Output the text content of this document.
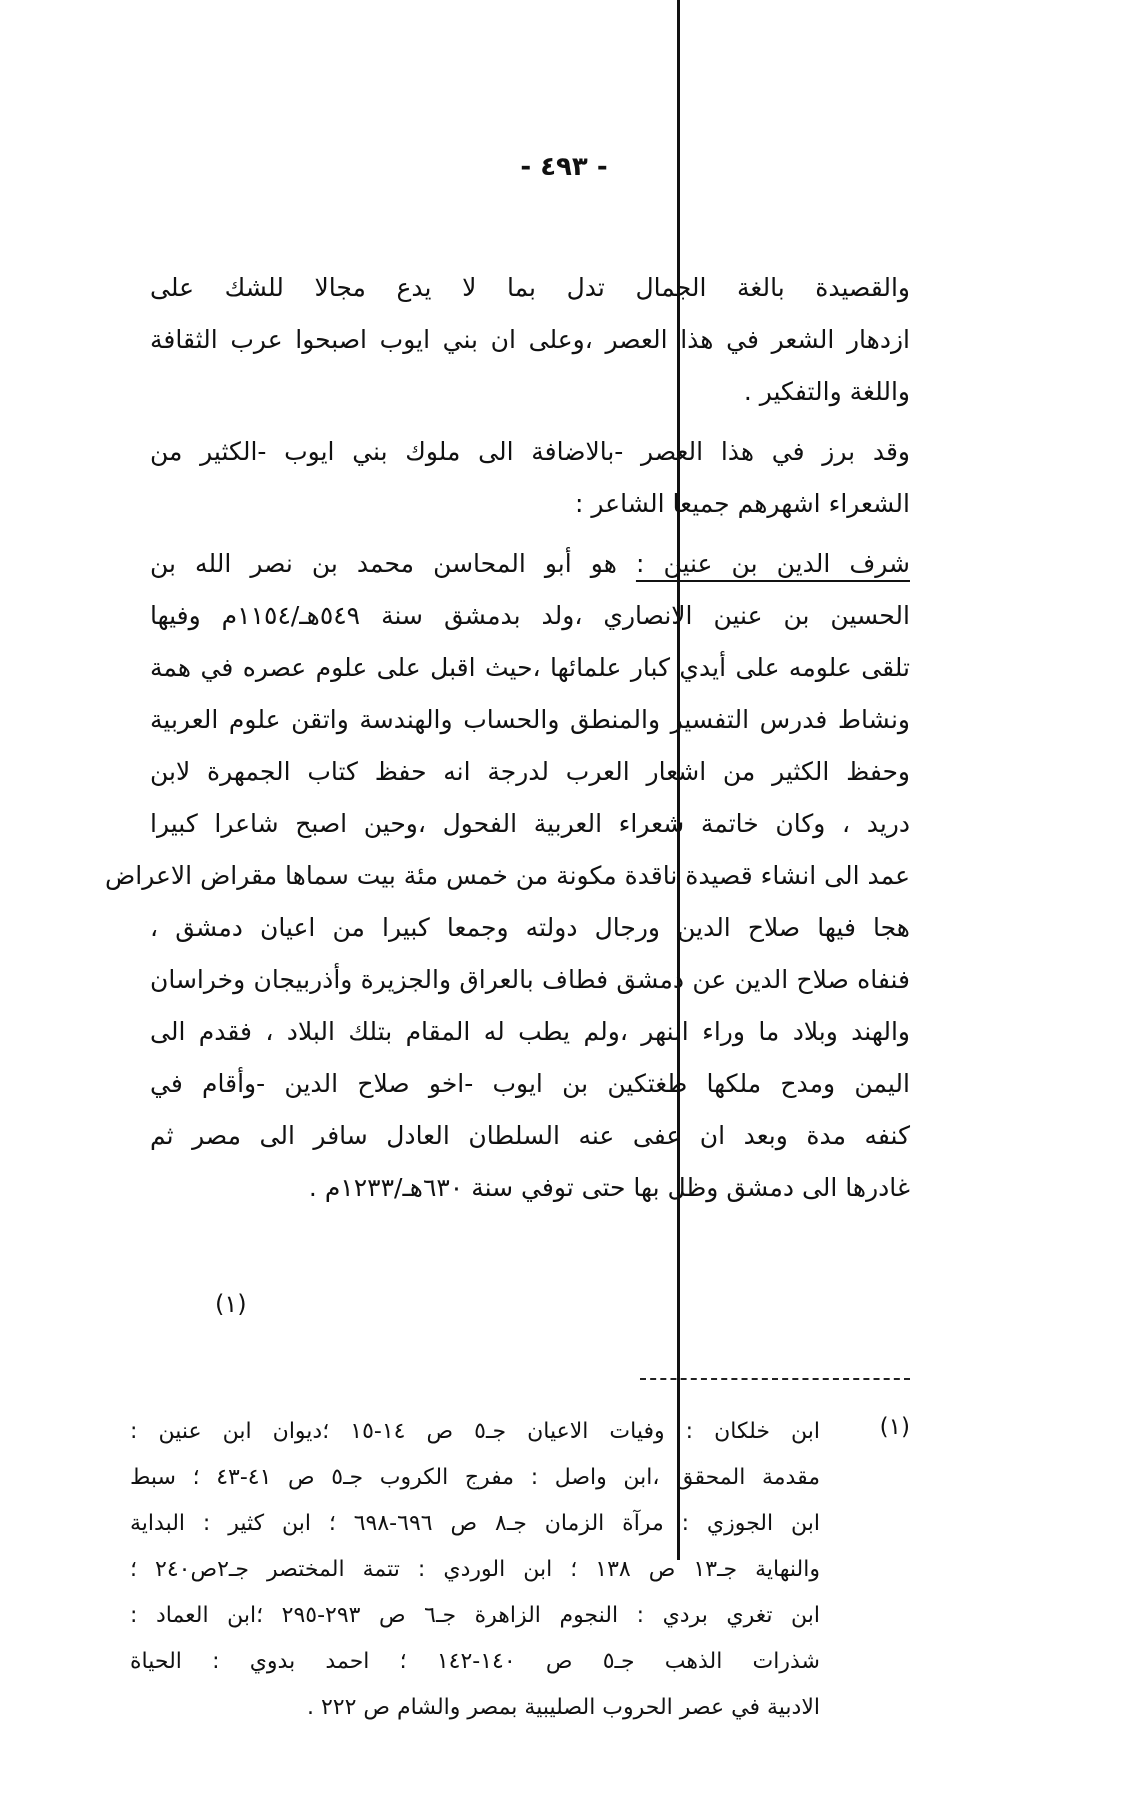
- ٤٩٣ -
والقصيدة بالغة الجمال تدل بما لا يدع مجالا للشك على
ازدهار الشعر في هذا العصر ،وعلى ان بني ايوب اصبحوا عرب الثقافة
واللغة والتفكير .
وقد برز في هذا العصر -بالاضافة الى ملوك بني ايوب -الكثير من
الشعراء اشهرهم جميعا الشاعر :
شرف الدين بن عنين : هو أبو المحاسن محمد بن نصر الله بن
الحسين بن عنين الانصاري ،ولد بدمشق سنة ٥٤٩هـ/١١٥٤م وفيها
تلقى علومه على أيدي كبار علمائها ،حيث اقبل على علوم عصره في همة
ونشاط فدرس التفسير والمنطق والحساب والهندسة واتقن علوم العربية
وحفظ الكثير من اشعار العرب لدرجة انه حفظ كتاب الجمهرة لابن
دريد ، وكان خاتمة شعراء العربية الفحول ،وحين اصبح شاعرا كبيرا
عمد الى انشاء قصيدة ناقدة مكونة من خمس مئة بيت سماها مقراض الاعراض
هجا فيها صلاح الدين ورجال دولته وجمعا كبيرا من اعيان دمشق ،
فنفاه صلاح الدين عن دمشق فطاف بالعراق والجزيرة وأذربيجان وخراسان
والهند وبلاد ما وراء النهر ،ولم يطب له المقام بتلك البلاد ، فقدم الى
اليمن ومدح ملكها طغتكين بن ايوب -اخو صلاح الدين -وأقام في
كنفه مدة وبعد ان عفى عنه السلطان العادل سافر الى مصر ثم
غادرها الى دمشق وظل بها حتى توفي سنة ٦٣٠هـ/١٢٣٣م .
(١)
(١)
ابن خلكان : وفيات الاعيان جـ٥ ص ١٤-١٥ ؛ديوان ابن عنين :
مقدمة المحقق ،ابن واصل : مفرج الكروب جـ٥ ص ٤١-٤٣ ؛ سبط
ابن الجوزي : مرآة الزمان جـ٨ ص ٦٩٦-٦٩٨ ؛ ابن كثير : البداية
والنهاية جـ١٣ ص ١٣٨ ؛ ابن الوردي : تتمة المختصر جـ٢ص٢٤٠ ؛
ابن تغري بردي : النجوم الزاهرة جـ٦ ص ٢٩٣-٢٩٥ ؛ابن العماد :
شذرات الذهب جـ٥ ص ١٤٠-١٤٢ ؛ احمد بدوي : الحياة
الادبية في عصر الحروب الصليبية بمصر والشام ص ٢٢٢ .
